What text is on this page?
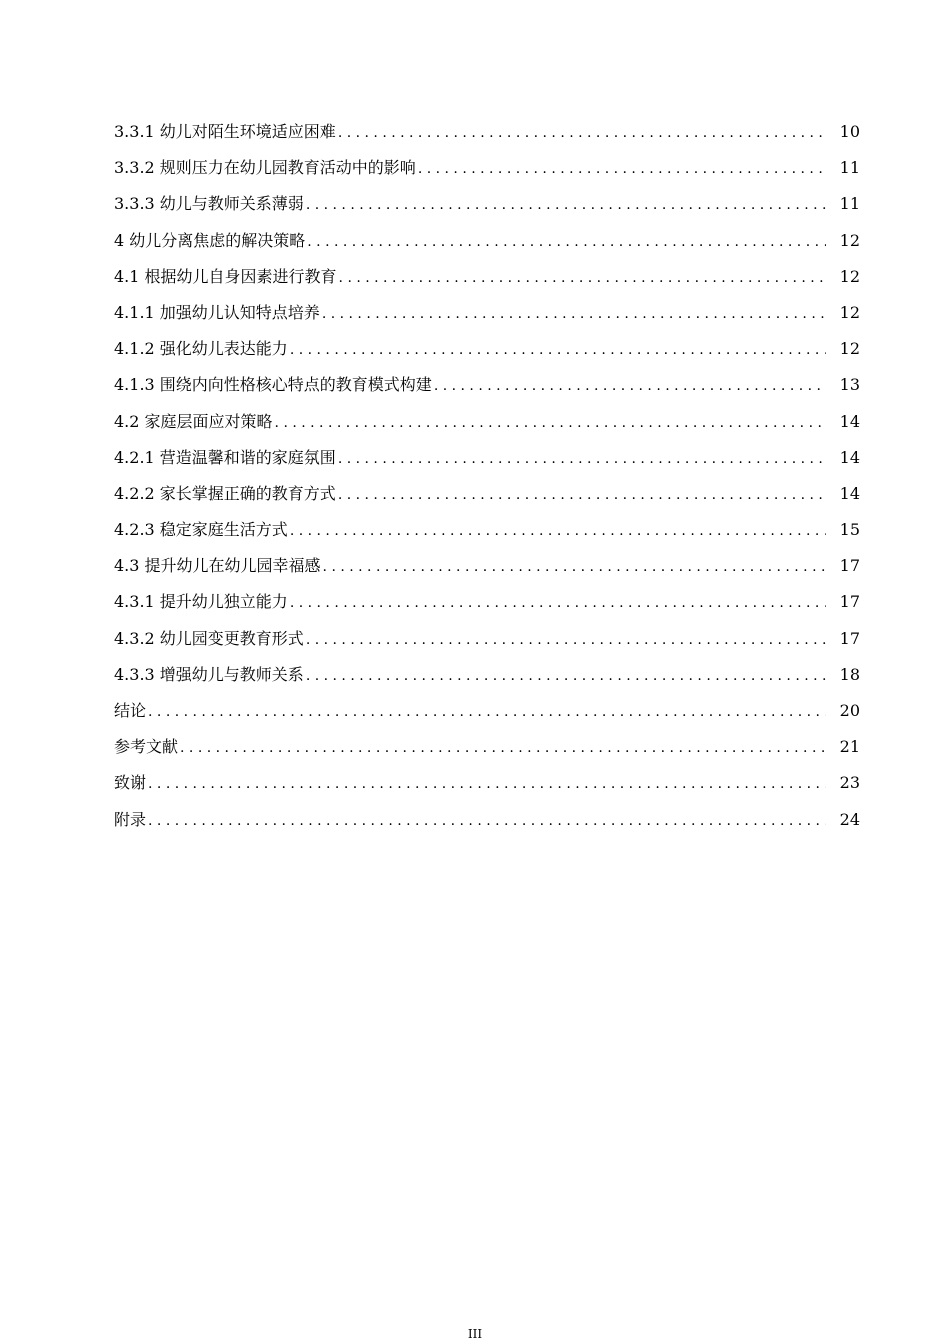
3.3.1 幼儿对陌生环境适应困难 . . .	10
3.3.2 规则压力在幼儿园教育活动中的影响 . . .	11
3.3.3 幼儿与教师关系薄弱 . . .	11
4 幼儿分离焦虑的解决策略 . . .	12
4.1 根据幼儿自身因素进行教育 . . .	12
4.1.1 加强幼儿认知特点培养 . . .	12
4.1.2 强化幼儿表达能力 . . .	12
4.1.3 围绕内向性格核心特点的教育模式构建 . . .	13
4.2 家庭层面应对策略 . . .	14
4.2.1 营造温馨和谐的家庭氛围 . . .	14
4.2.2 家长掌握正确的教育方式 . . .	14
4.2.3 稳定家庭生活方式 . . .	15
4.3 提升幼儿在幼儿园幸福感 . . .	17
4.3.1 提升幼儿独立能力 . . .	17
4.3.2 幼儿园变更教育形式 . . .	17
4.3.3 增强幼儿与教师关系 . . .	18
结论 . . .	20
参考文献 . . .	21
致谢 . . .	23
附录 . . .	24
III
